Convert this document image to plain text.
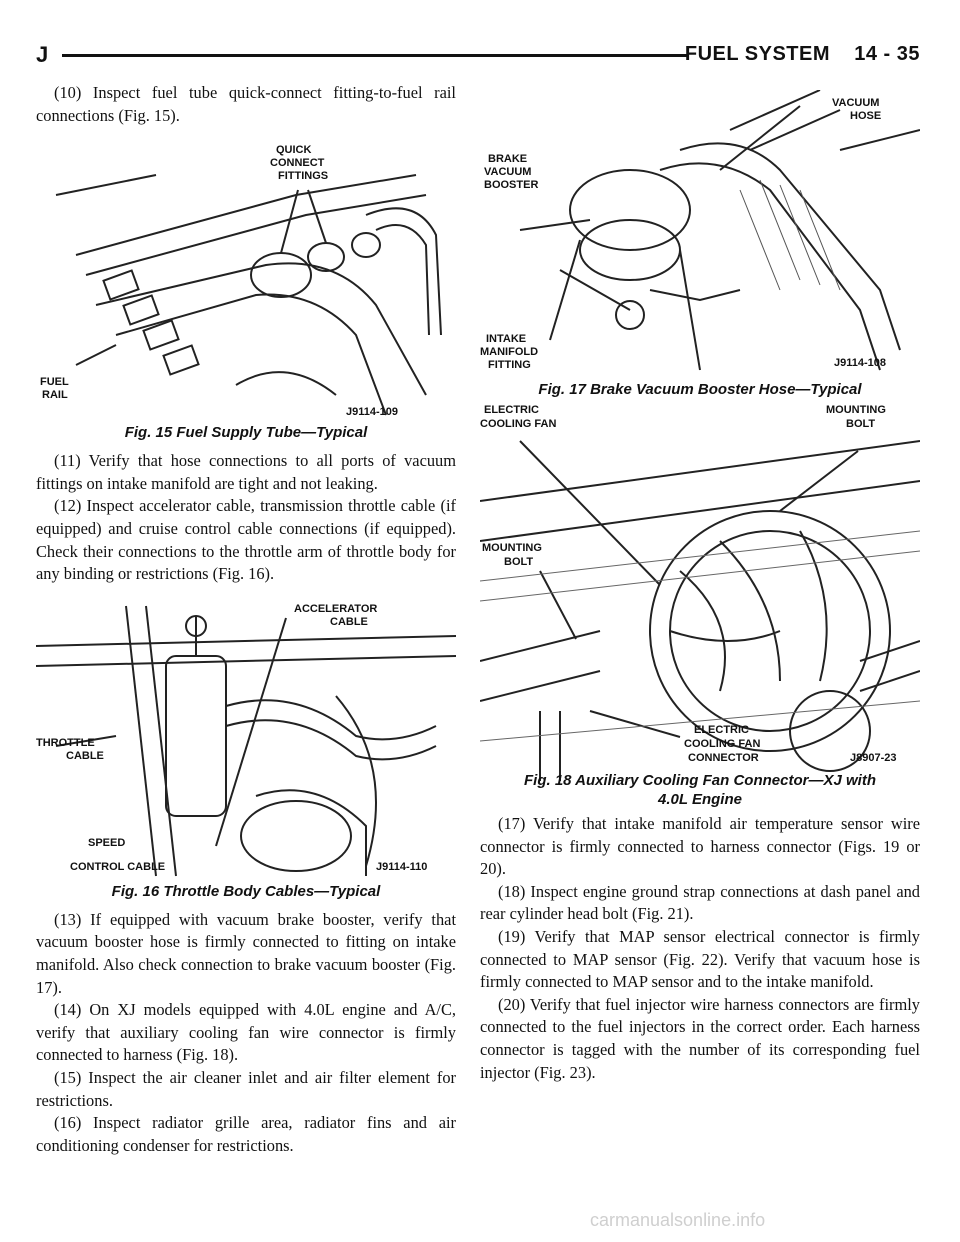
J	FUEL SYSTEM    14 - 35

(10) Inspect fuel tube quick-connect fitting-to-fuel rail connections (Fig. 15).

QUICK
CONNECT
FITTINGS
FUEL
RAIL
J9114-109
Fig. 15 Fuel Supply Tube—Typical

(11) Verify that hose connections to all ports of vacuum fittings on intake manifold are tight and not leaking.

(12) Inspect accelerator cable, transmission throttle cable (if equipped) and cruise control cable connections (if equipped). Check their connections to the throttle arm of throttle body for any binding or restrictions (Fig. 16).

ACCELERATOR
CABLE
THROTTLE
CABLE
SPEED
CONTROL CABLE	J9114-110
Fig. 16 Throttle Body Cables—Typical

(13) If equipped with vacuum brake booster, verify that vacuum booster hose is firmly connected to fitting on intake manifold. Also check connection to brake vacuum booster (Fig. 17).

(14) On XJ models equipped with 4.0L engine and A/C, verify that auxiliary cooling fan wire connector is firmly connected to harness (Fig. 18).

(15) Inspect the air cleaner inlet and air filter element for restrictions.

(16) Inspect radiator grille area, radiator fins and air conditioning condenser for restrictions.

VACUUM
HOSE
BRAKE
VACUUM
BOOSTER
INTAKE
MANIFOLD
FITTING	J9114-108
Fig. 17 Brake Vacuum Booster Hose—Typical
ELECTRIC
COOLING FAN
MOUNTING
BOLT
MOUNTING
BOLT
ELECTRIC
COOLING FAN
CONNECTOR	J8907-23
Fig. 18 Auxiliary Cooling Fan Connector—XJ with
4.0L Engine

(17) Verify that intake manifold air temperature sensor wire connector is firmly connected to harness connector (Figs. 19 or 20).

(18) Inspect engine ground strap connections at dash panel and rear cylinder head bolt (Fig. 21).

(19) Verify that MAP sensor electrical connector is firmly connected to MAP sensor (Fig. 22). Verify that vacuum hose is firmly connected to MAP sensor and to the intake manifold.

(20) Verify that fuel injector wire harness connectors are firmly connected to the fuel injectors in the correct order. Each harness connector is tagged with the number of its corresponding fuel injector (Fig. 23).

carmanualsonline.info
